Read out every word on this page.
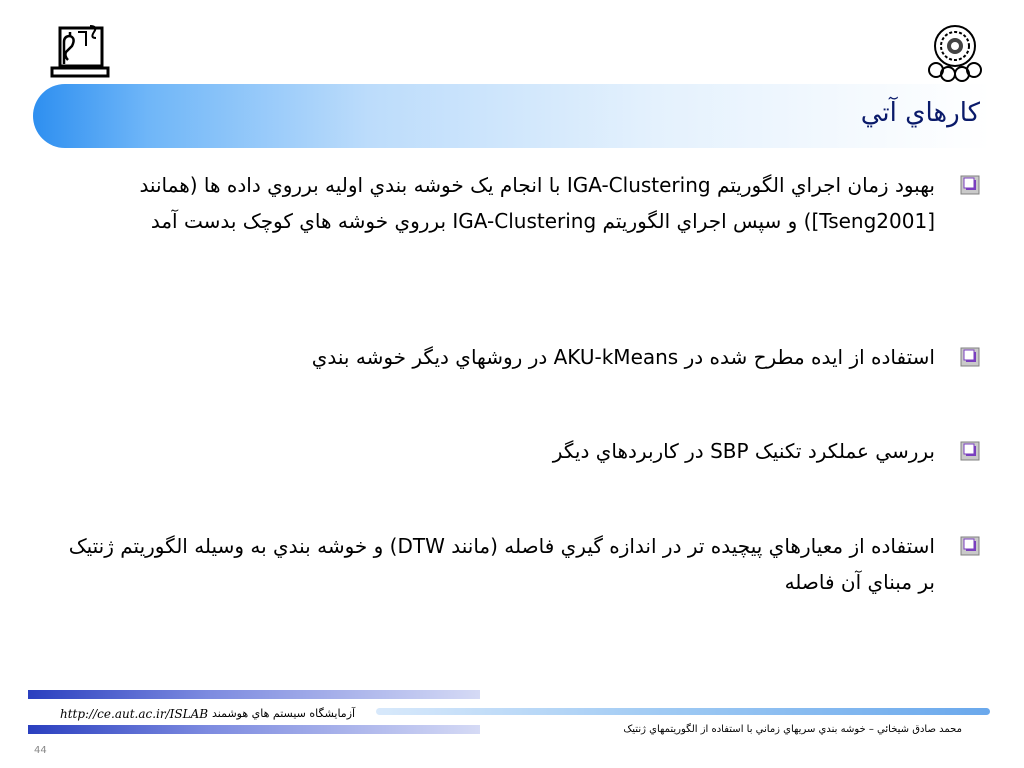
کارهاي آتي
بهبود زمان اجراي الگوريتم IGA-Clustering با انجام يک خوشه بندي اوليه برروي داده ها (همانند [Tseng2001]) و سپس اجراي الگوريتم IGA-Clustering برروي خوشه هاي کوچک بدست آمد
استفاده از ايده مطرح شده در AKU-kMeans در روشهاي ديگر خوشه بندي
بررسي عملکرد تکنيک SBP در کاربردهاي ديگر
استفاده از معيارهاي پيچيده تر در اندازه گيري فاصله (مانند DTW) و خوشه بندي به وسيله الگوريتم ژنتيک بر مبناي آن فاصله
http://ce.aut.ac.ir/ISLAB آزمايشگاه سيستم هاي هوشمند
محمد صادق شيخائي – خوشه بندي سريهاي زماني با استفاده از الگوريتمهاي ژنتيک
44
